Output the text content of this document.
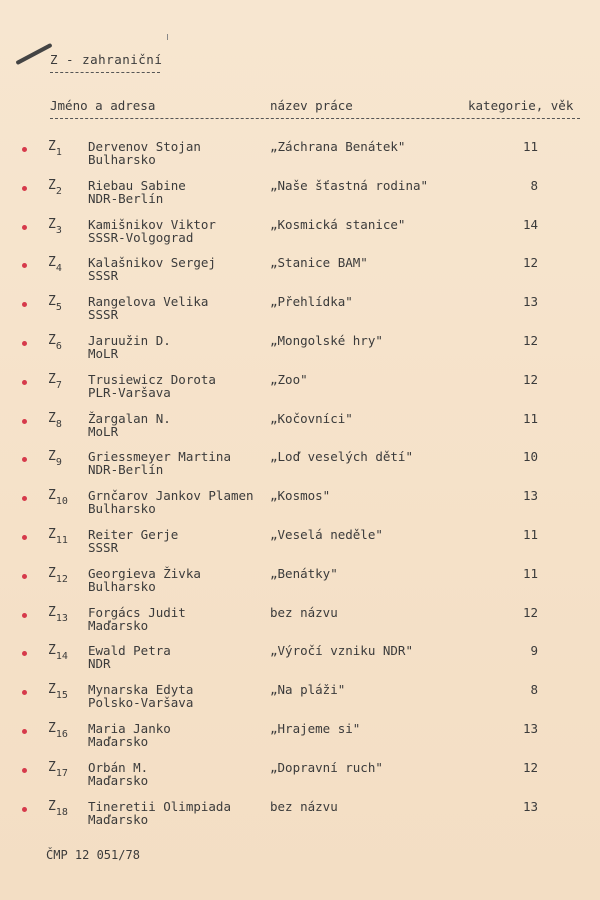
Z - zahraniční
Jméno a adresa	název práce	kategorie, věk
$Z_1$ Dervenov Stojan
Bulharsko
„Záchrana Benátek"	11
$Z_2$ Riebau Sabine
NDR-Berlín
„Naše šťastná rodina"	8
$Z_3$ Kamišnikov Viktor
SSSR-Volgograd
„Kosmická stanice"	14
$Z_4$ Kalašnikov Sergej
SSSR
„Stanice BAM"	12
$Z_5$ Rangelova Velika
SSSR
„Přehlídka"	13
$Z_6$ Jaruužin D.
MoLR
„Mongolské hry"	12
$Z_7$ Trusiewicz Dorota
PLR-Varšava
„Zoo"	12
$Z_8$ Žargalan N.
MoLR
„Kočovníci"	11
$Z_9$ Griessmeyer Martina
NDR-Berlín
„Loď veselých dětí"	10
$Z_{10}$ Grnčarov Jankov Plamen
Bulharsko
„Kosmos"	13
$Z_{11}$ Reiter Gerje
SSSR
„Veselá neděle"	11
$Z_{12}$ Georgieva Živka
Bulharsko
„Benátky"	11
$Z_{13}$ Forgács Judit
Maďarsko
bez názvu	12
$Z_{14}$ Ewald Petra
NDR
„Výročí vzniku NDR"	9
$Z_{15}$ Mynarska Edyta
Polsko-Varšava
„Na pláži"	8
$Z_{16}$ Maria Janko
Maďarsko
„Hrajeme si"	13
$Z_{17}$ Orbán M.
Maďarsko
„Dopravní ruch"	12
$Z_{18}$ Tineretii Olimpiada
Maďarsko
bez názvu	13
ČMP 12 051/78
